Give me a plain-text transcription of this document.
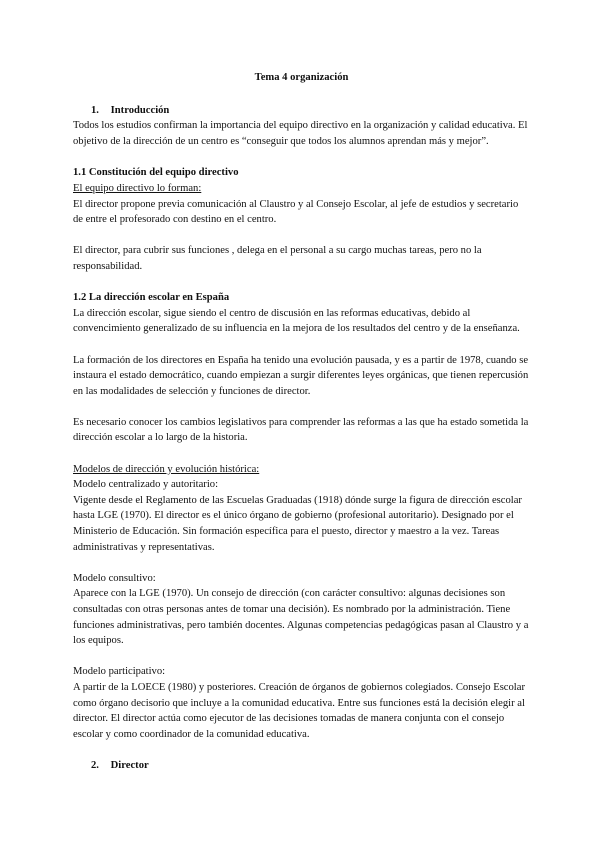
Tema 4 organización
1. Introducción

Todos los estudios confirman la importancia del equipo directivo en la organización y calidad educativa. El objetivo de la dirección de un centro es “conseguir que todos los alumnos aprendan más y mejor”.

1.1 Constitución del equipo directivo

El equipo directivo lo forman:

El director propone previa comunicación al Claustro y al Consejo Escolar, al jefe de estudios y secretario de entre el profesorado con destino en el centro.

El director, para cubrir sus funciones , delega en el personal a su cargo muchas tareas, pero no la responsabilidad.

1.2 La dirección escolar en España

La dirección escolar, sigue siendo el centro de discusión en las reformas educativas, debido al convencimiento generalizado de su influencia en la mejora de los resultados del centro y de la enseñanza.

La formación de los directores en España ha tenido una evolución pausada, y es a partir de 1978, cuando se instaura el estado democrático, cuando empiezan a surgir diferentes leyes orgánicas, que tienen repercusión en las modalidades de selección y funciones de director.

Es necesario conocer los cambios legislativos para comprender las reformas a las que ha estado sometida la dirección escolar a lo largo de la historia.

Modelos de dirección y evolución histórica:

Modelo centralizado y autoritario:

Vigente desde el Reglamento de las Escuelas Graduadas (1918) dónde surge la figura de dirección escolar hasta LGE (1970). El director es el único órgano de gobierno (profesional autoritario). Designado por el Ministerio de Educación. Sin formación específica para el puesto, director y maestro a la vez. Tareas administrativas y representativas.

Modelo consultivo:

Aparece con la LGE (1970). Un consejo de dirección (con carácter consultivo: algunas decisiones son consultadas con otras personas antes de tomar una decisión). Es nombrado por la administración. Tiene funciones administrativas, pero también docentes. Algunas competencias pedagógicas pasan al Claustro y a los equipos.

Modelo participativo:

A partir de la LOECE (1980) y posteriores. Creación de órganos de gobiernos colegiados. Consejo Escolar como órgano decisorio que incluye a la comunidad educativa. Entre sus funciones está la decisión elegir al director. El director actúa como ejecutor de las decisiones tomadas de manera conjunta con el consejo escolar y como coordinador de la comunidad educativa.

2. Director
